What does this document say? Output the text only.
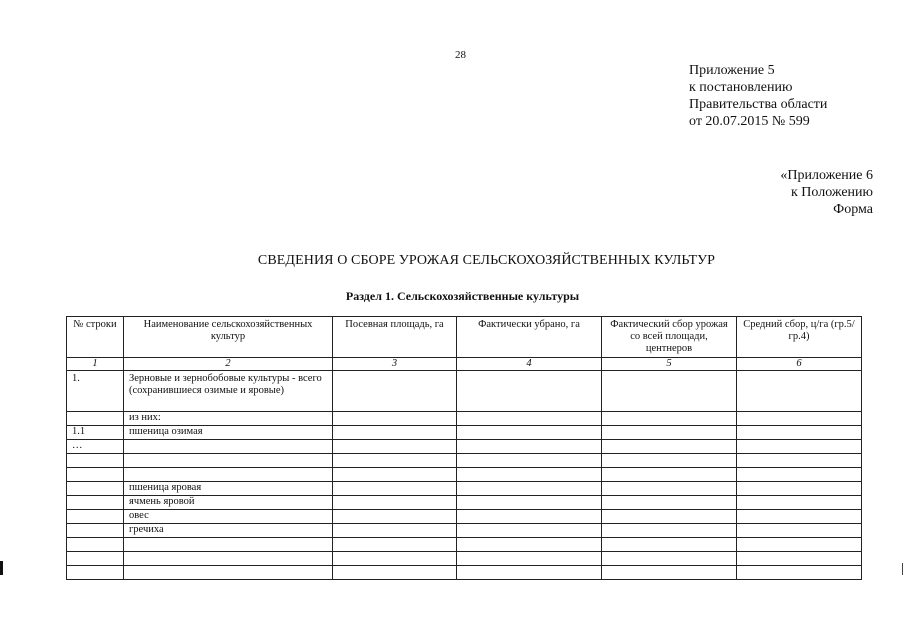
28
Приложение 5
к постановлению
Правительства области
от 20.07.2015 № 599
«Приложение 6
к Положению
Форма
СВЕДЕНИЯ О СБОРЕ УРОЖАЯ СЕЛЬСКОХОЗЯЙСТВЕННЫХ КУЛЬТУР
Раздел 1. Сельскохозяйственные культуры
№ строки	Наименование сельскохозяйственных культур	Посевная площадь, га	Фактически убрано, га	Фактический сбор урожая со всей площади, центнеров	Средний сбор, ц/га (гр.5/гр.4)
1	2	3	4	5	6
1.	Зерновые и зернобобовые культуры - всего (сохранившиеся озимые и яровые)				
	из них:				
1.1	пшеница озимая				
…					

	пшеница яровая				
	ячмень яровой				
	овес				
	гречиха				
